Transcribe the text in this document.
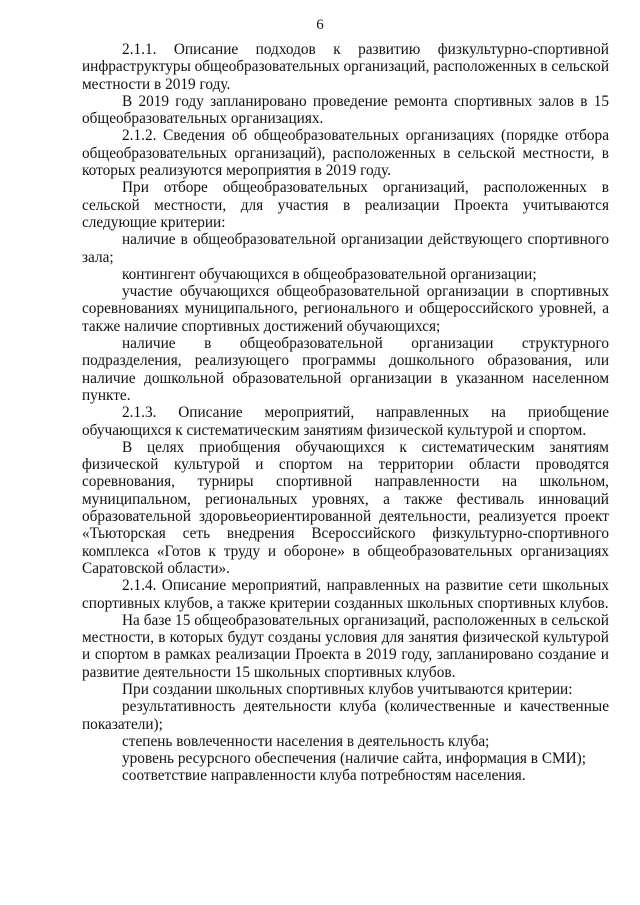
6

2.1.1. Описание подходов к развитию физкультурно-спортивной инфраструктуры общеобразовательных организаций, расположенных в сельской местности в 2019 году.

В 2019 году запланировано проведение ремонта спортивных залов в 15 общеобразовательных организациях.

2.1.2. Сведения об общеобразовательных организациях (порядке отбора общеобразовательных организаций), расположенных в сельской местности, в которых реализуются мероприятия в 2019 году.

При отборе общеобразовательных организаций, расположенных в сельской местности, для участия в реализации Проекта учитываются следующие критерии:

наличие в общеобразовательной организации действующего спортивного зала;

контингент обучающихся в общеобразовательной организации;

участие обучающихся общеобразовательной организации в спортивных соревнованиях муниципального, регионального и общероссийского уровней, а также наличие спортивных достижений обучающихся;

наличие в общеобразовательной организации структурного подразделения, реализующего программы дошкольного образования, или наличие дошкольной образовательной организации в указанном населенном пункте.

2.1.3. Описание мероприятий, направленных на приобщение обучающихся к систематическим занятиям физической культурой и спортом.

В целях приобщения обучающихся к систематическим занятиям физической культурой и спортом на территории области проводятся соревнования, турниры спортивной направленности на школьном, муниципальном, региональных уровнях, а также фестиваль инноваций образовательной здоровьеориентированной деятельности, реализуется проект «Тьюторская сеть внедрения Всероссийского физкультурно-спортивного комплекса «Готов к труду и обороне» в общеобразовательных организациях Саратовской области».

2.1.4. Описание мероприятий, направленных на развитие сети школьных спортивных клубов, а также критерии созданных школьных спортивных клубов.

На базе 15 общеобразовательных организаций, расположенных в сельской местности, в которых будут созданы условия для занятия физической культурой и спортом в рамках реализации Проекта в 2019 году, запланировано создание и развитие деятельности 15 школьных спортивных клубов.

При создании школьных спортивных клубов учитываются критерии:

результативность деятельности клуба (количественные и качественные показатели);

степень вовлеченности населения в деятельность клуба;

уровень ресурсного обеспечения (наличие сайта, информация в СМИ);

соответствие направленности клуба потребностям населения.
